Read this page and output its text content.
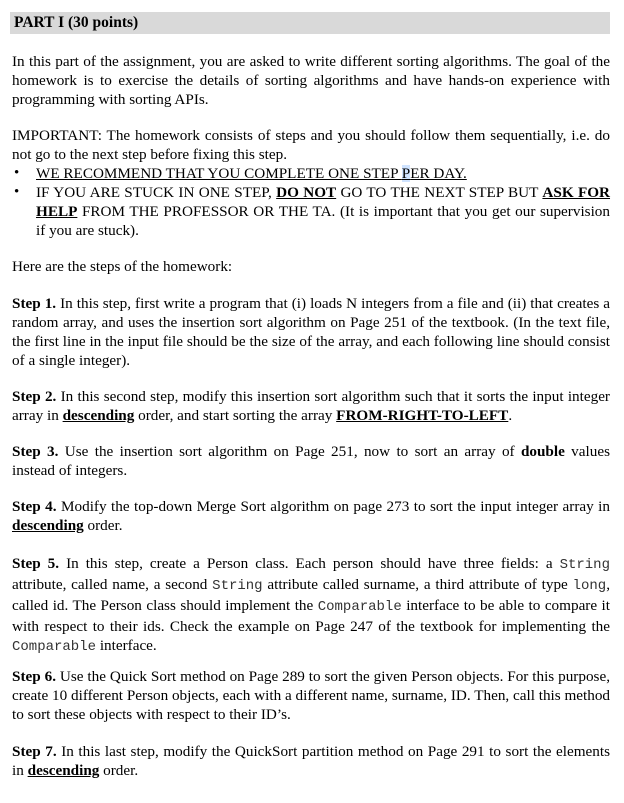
PART I (30 points)

In this part of the assignment, you are asked to write different sorting algorithms. The goal of the homework is to exercise the details of sorting algorithms and have hands-on experience with programming with sorting APIs.

IMPORTANT: The homework consists of steps and you should follow them sequentially, i.e. do not go to the next step before fixing this step.

• WE RECOMMEND THAT YOU COMPLETE ONE STEP PER DAY.
• IF YOU ARE STUCK IN ONE STEP, DO NOT GO TO THE NEXT STEP BUT ASK FOR HELP FROM THE PROFESSOR OR THE TA. (It is important that you get our supervision if you are stuck).

Here are the steps of the homework:

Step 1. In this step, first write a program that (i) loads N integers from a file and (ii) that creates a random array, and uses the insertion sort algorithm on Page 251 of the textbook. (In the text file, the first line in the input file should be the size of the array, and each following line should consist of a single integer).

Step 2. In this second step, modify this insertion sort algorithm such that it sorts the input integer array in descending order, and start sorting the array FROM-RIGHT-TO-LEFT.

Step 3. Use the insertion sort algorithm on Page 251, now to sort an array of double values instead of integers.

Step 4. Modify the top-down Merge Sort algorithm on page 273 to sort the input integer array in descending order.

Step 5. In this step, create a Person class. Each person should have three fields: a String attribute, called name, a second String attribute called surname, a third attribute of type long, called id. The Person class should implement the Comparable interface to be able to compare it with respect to their ids. Check the example on Page 247 of the textbook for implementing the Comparable interface.

Step 6. Use the Quick Sort method on Page 289 to sort the given Person objects. For this purpose, create 10 different Person objects, each with a different name, surname, ID. Then, call this method to sort these objects with respect to their ID’s.

Step 7. In this last step, modify the QuickSort partition method on Page 291 to sort the elements in descending order.
